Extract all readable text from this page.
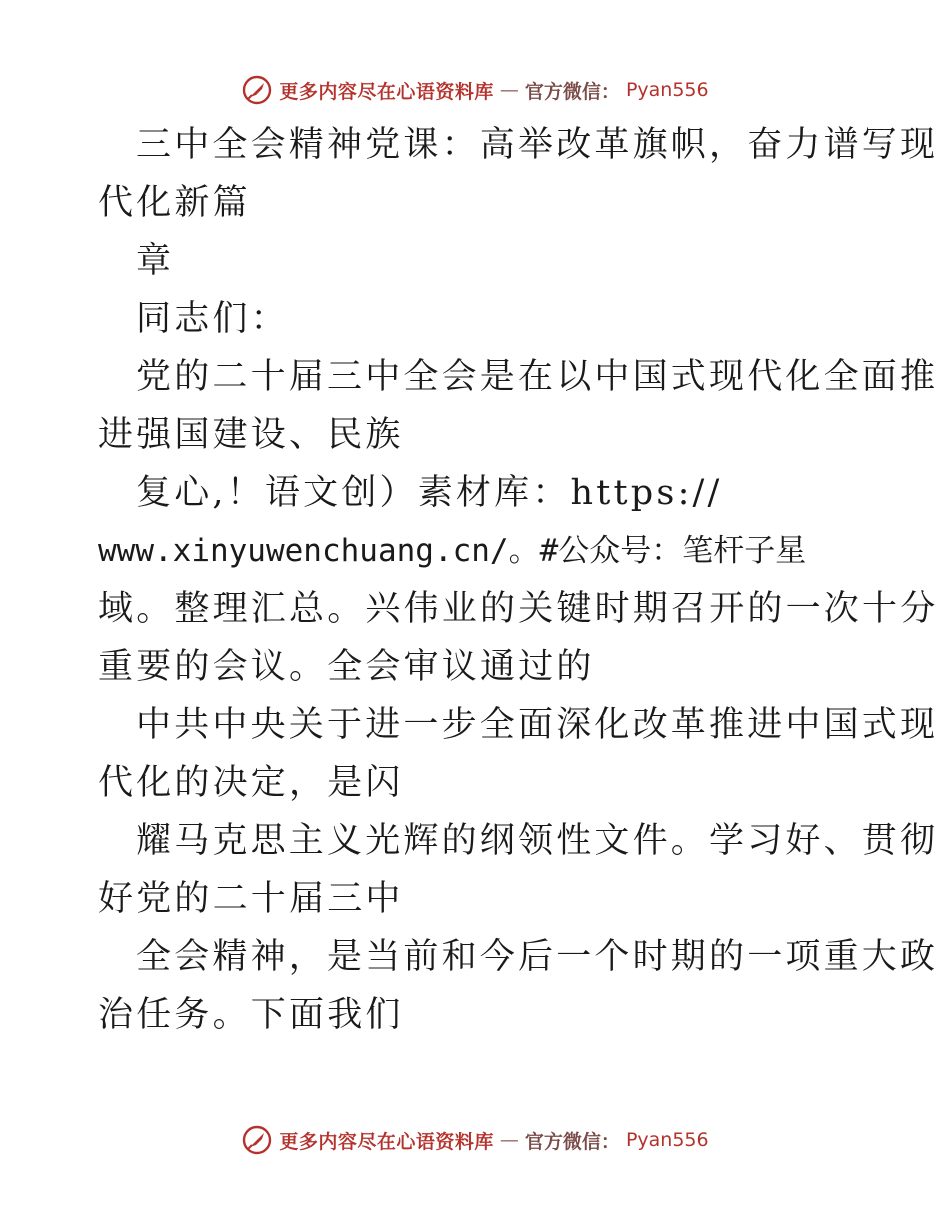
更多内容尽在心语资料库 — 官方微信： Pyan556
三中全会精神党课：高举改革旗帜，奋力谱写现
代化新篇
章
同志们：
党的二十届三中全会是在以中国式现代化全面推
进强国建设、民族
复心,！语文创）素材库：https://
www.xinyuwenchuang.cn/。#公众号：笔杆子星
域。整理汇总。兴伟业的关键时期召开的一次十分
重要的会议。全会审议通过的
中共中央关于进一步全面深化改革推进中国式现
代化的决定，是闪
耀马克思主义光辉的纲领性文件。学习好、贯彻
好党的二十届三中
全会精神，是当前和今后一个时期的一项重大政
治任务。下面我们
更多内容尽在心语资料库 — 官方微信： Pyan556
